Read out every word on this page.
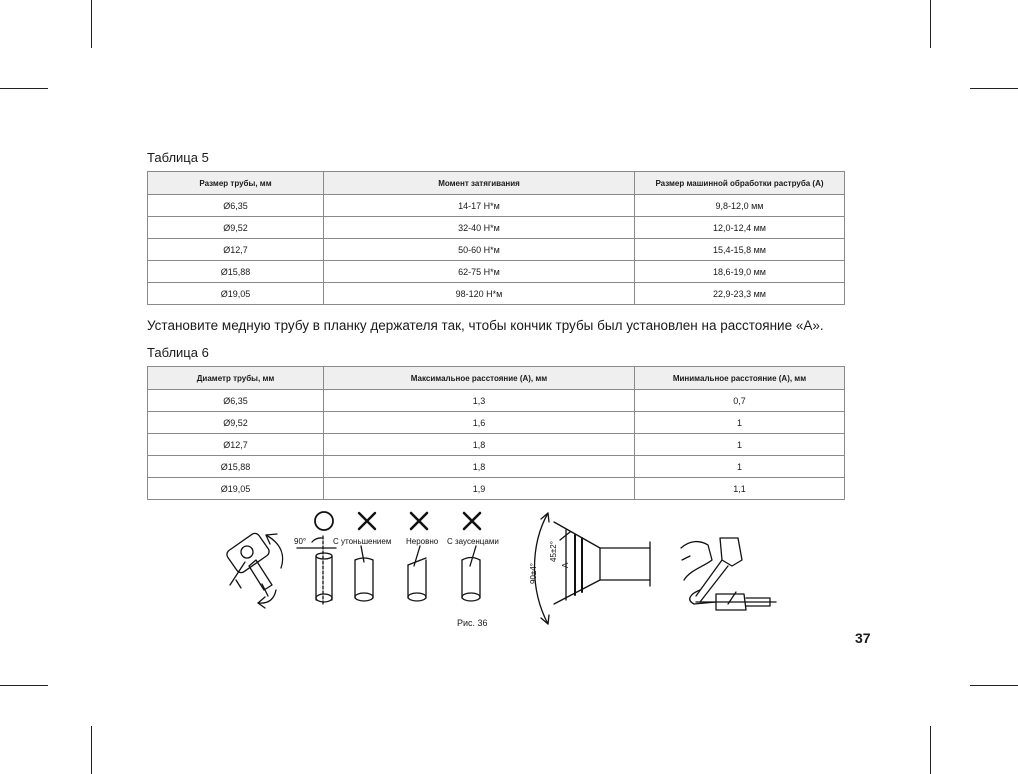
Таблица 5
Размер трубы, мм	Момент затягивания	Размер машинной обработки раструба (A)
Ø6,35	14-17 Н*м	9,8-12,0 мм
Ø9,52	32-40 Н*м	12,0-12,4 мм
Ø12,7	50-60 Н*м	15,4-15,8 мм
Ø15,88	62-75 Н*м	18,6-19,0 мм
Ø19,05	98-120 Н*м	22,9-23,3 мм
Установите медную трубу в планку держателя так, чтобы кончик трубы был установлен на расстояние «А».
Таблица 6
Диаметр трубы, мм	Максимальное расстояние (A), мм	Минимальное расстояние (A), мм
Ø6,35	1,3	0,7
Ø9,52	1,6	1
Ø12,7	1,8	1
Ø15,88	1,8	1
Ø19,05	1,9	1,1
90°	С утоньшением Неровно С заусенцами
90±4°
45±2°
A
Рис. 36
37
